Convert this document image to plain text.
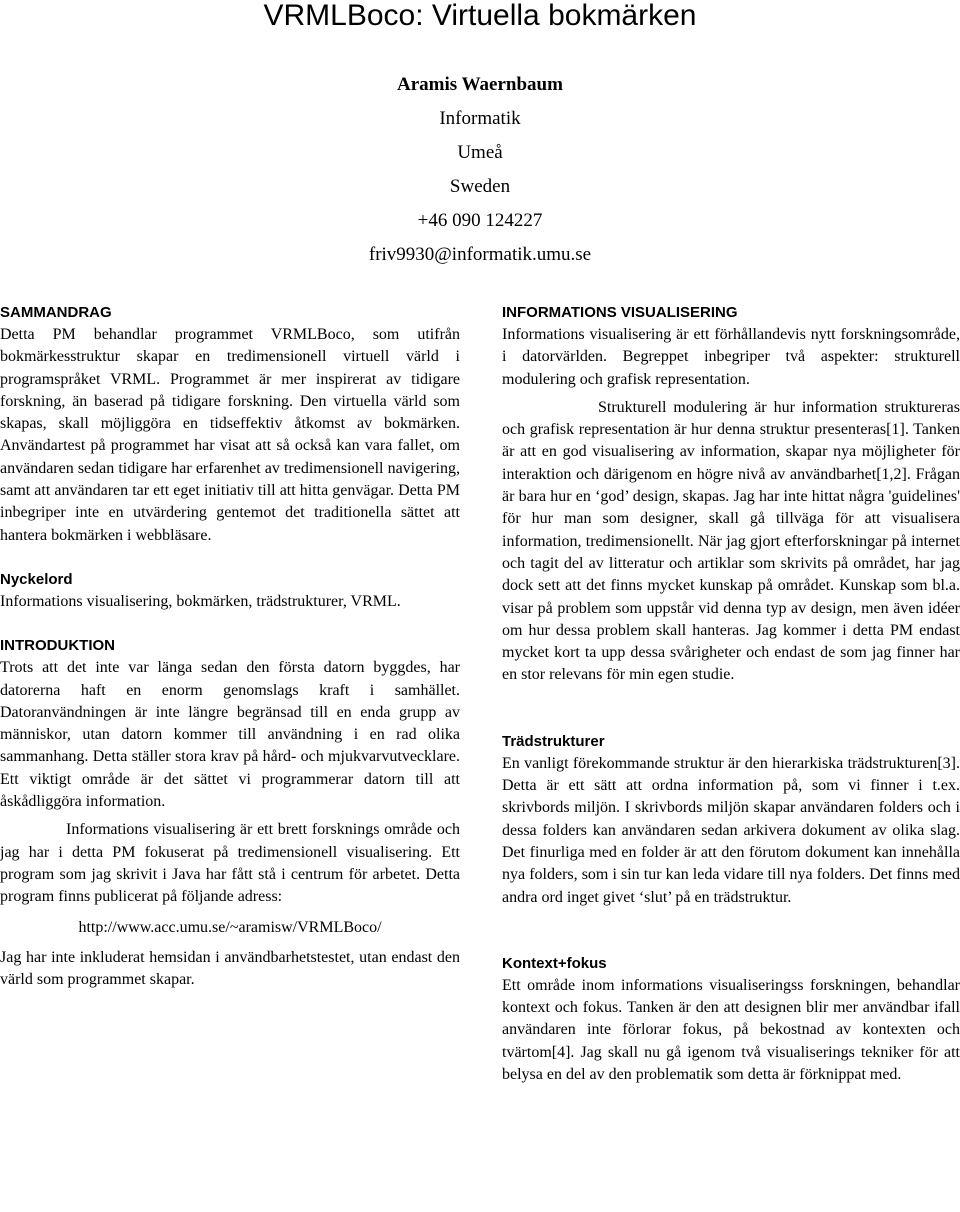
VRMLBoco: Virtuella bokmärken
Aramis Waernbaum
Informatik
Umeå
Sweden
+46 090 124227
friv9930@informatik.umu.se
SAMMANDRAG

Detta PM behandlar programmet VRMLBoco, som utifrån bokmärkesstruktur skapar en tredimensionell virtuell värld i programspråket VRML. Programmet är mer inspirerat av tidigare forskning, än baserad på tidigare forskning. Den virtuella värld som skapas, skall möjliggöra en tidseffektiv åtkomst av bokmärken. Användartest på programmet har visat att så också kan vara fallet, om användaren sedan tidigare har erfarenhet av tredimensionell navigering, samt att användaren tar ett eget initiativ till att hitta genvägar. Detta PM inbegriper inte en utvärdering gentemot det traditionella sättet att hantera bokmärken i webbläsare.

Nyckelord

Informations visualisering, bokmärken, trädstrukturer, VRML.

INTRODUKTION

Trots att det inte var länga sedan den första datorn byggdes, har datorerna haft en enorm genomslags kraft i samhället. Datoranvändningen är inte längre begränsad till en enda grupp av människor, utan datorn kommer till användning i en rad olika sammanhang. Detta ställer stora krav på hård- och mjukvarvutvecklare. Ett viktigt område är det sättet vi programmerar datorn till att åskådliggöra information.

Informations visualisering är ett brett forsknings område och jag har i detta PM fokuserat på tredimensionell visualisering. Ett program som jag skrivit i Java har fått stå i centrum för arbetet. Detta program finns publicerat på följande adress:

http://www.acc.umu.se/~aramisw/VRMLBoco/

Jag har inte inkluderat hemsidan i användbarhetstestet, utan endast den värld som programmet skapar.

INFORMATIONS VISUALISERING

Informations visualisering är ett förhållandevis nytt forskningsområde, i datorvärlden. Begreppet inbegriper två aspekter: strukturell modulering och grafisk representation.

Strukturell modulering är hur information struktureras och grafisk representation är hur denna struktur presenteras[1]. Tanken är att en god visualisering av information, skapar nya möjligheter för interaktion och därigenom en högre nivå av användbarhet[1,2]. Frågan är bara hur en ‘god’ design, skapas. Jag har inte hittat några 'guidelines' för hur man som designer, skall gå tillväga för att visualisera information, tredimensionellt. När jag gjort efterforskningar på internet och tagit del av litteratur och artiklar som skrivits på området, har jag dock sett att det finns mycket kunskap på området. Kunskap som bl.a. visar på problem som uppstår vid denna typ av design, men även idéer om hur dessa problem skall hanteras. Jag kommer i detta PM endast mycket kort ta upp dessa svårigheter och endast de som jag finner har en stor relevans för min egen studie.

Trädstrukturer

En vanligt förekommande struktur är den hierarkiska trädstrukturen[3]. Detta är ett sätt att ordna information på, som vi finner i t.ex. skrivbords miljön. I skrivbords miljön skapar användaren folders och i dessa folders kan användaren sedan arkivera dokument av olika slag. Det finurliga med en folder är att den förutom dokument kan innehålla nya folders, som i sin tur kan leda vidare till nya folders. Det finns med andra ord inget givet ‘slut’ på en trädstruktur.

Kontext+fokus

Ett område inom informations visualiseringss forskningen, behandlar kontext och fokus. Tanken är den att designen blir mer användbar ifall användaren inte förlorar fokus, på bekostnad av kontexten och tvärtom[4]. Jag skall nu gå igenom två visualiserings tekniker för att belysa en del av den problematik som detta är förknippat med.
